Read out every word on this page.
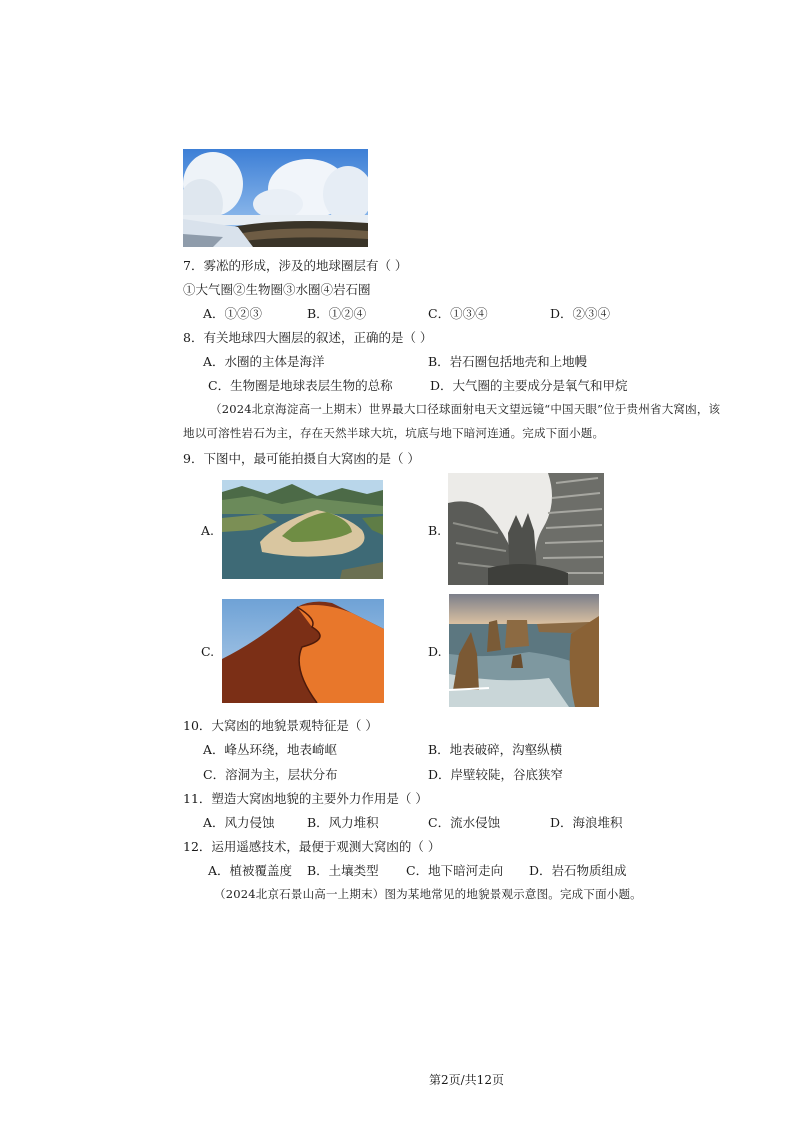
7．雾凇的形成，涉及的地球圈层有（ ）
①大气圈②生物圈③水圈④岩石圈
A．①②③	B．①②④	C．①③④	D．②③④
8．有关地球四大圈层的叙述，正确的是（ ）
A．水圈的主体是海洋	B．岩石圈包括地壳和上地幔
C．生物圈是地球表层生物的总称	D．大气圈的主要成分是氧气和甲烷
（2024北京海淀高一上期末）世界最大口径球面射电天文望远镜“中国天眼”位于贵州省大窝凼，该
地以可溶性岩石为主，存在天然半球大坑，坑底与地下暗河连通。完成下面小题。
9．下图中，最可能拍摄自大窝凼的是（ ）
A.	B.
C.	D.
10．大窝凼的地貌景观特征是（ ）
A．峰丛环绕，地表崎岖	B．地表破碎，沟壑纵横
C．溶洞为主，层状分布	D．岸壁较陡，谷底狭窄
11．塑造大窝凼地貌的主要外力作用是（ ）
A．风力侵蚀	B．风力堆积	C．流水侵蚀	D．海浪堆积
12．运用遥感技术，最便于观测大窝凼的（ ）
A．植被覆盖度 B．土壤类型 C．地下暗河走向 D．岩石物质组成
（2024北京石景山高一上期末）图为某地常见的地貌景观示意图。完成下面小题。
第2页/共12页
